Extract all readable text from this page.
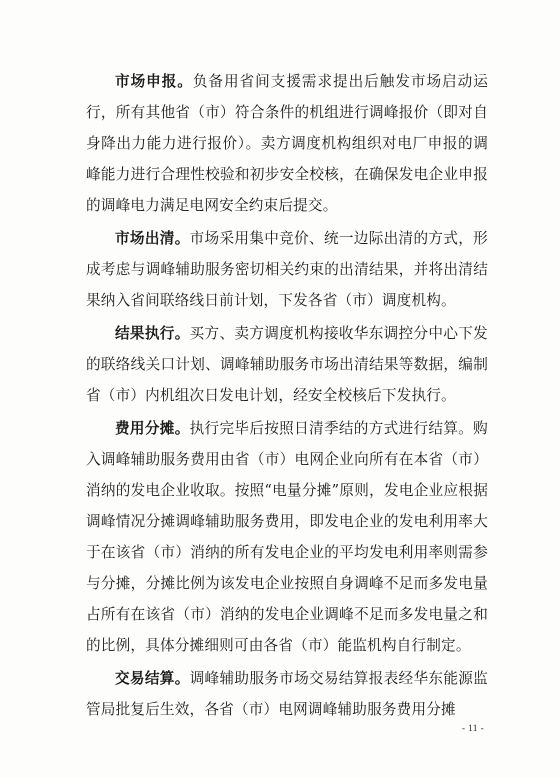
市场申报。负备用省间支援需求提出后触发市场启动运行，所有其他省（市）符合条件的机组进行调峰报价（即对自身降出力能力进行报价）。卖方调度机构组织对电厂申报的调峰能力进行合理性校验和初步安全校核，在确保发电企业申报的调峰电力满足电网安全约束后提交。

市场出清。市场采用集中竞价、统一边际出清的方式，形成考虑与调峰辅助服务密切相关约束的出清结果，并将出清结果纳入省间联络线日前计划，下发各省（市）调度机构。

结果执行。买方、卖方调度机构接收华东调控分中心下发的联络线关口计划、调峰辅助服务市场出清结果等数据，编制省（市）内机组次日发电计划，经安全校核后下发执行。

费用分摊。执行完毕后按照日清季结的方式进行结算。购入调峰辅助服务费用由省（市）电网企业向所有在本省（市）消纳的发电企业收取。按照“电量分摊”原则，发电企业应根据调峰情况分摊调峰辅助服务费用，即发电企业的发电利用率大于在该省（市）消纳的所有发电企业的平均发电利用率则需参与分摊，分摊比例为该发电企业按照自身调峰不足而多发电量占所有在该省（市）消纳的发电企业调峰不足而多发电量之和的比例，具体分摊细则可由各省（市）能监机构自行制定。

交易结算。调峰辅助服务市场交易结算报表经华东能源监管局批复后生效，各省（市）电网调峰辅助服务费用分摊

- 11 -
